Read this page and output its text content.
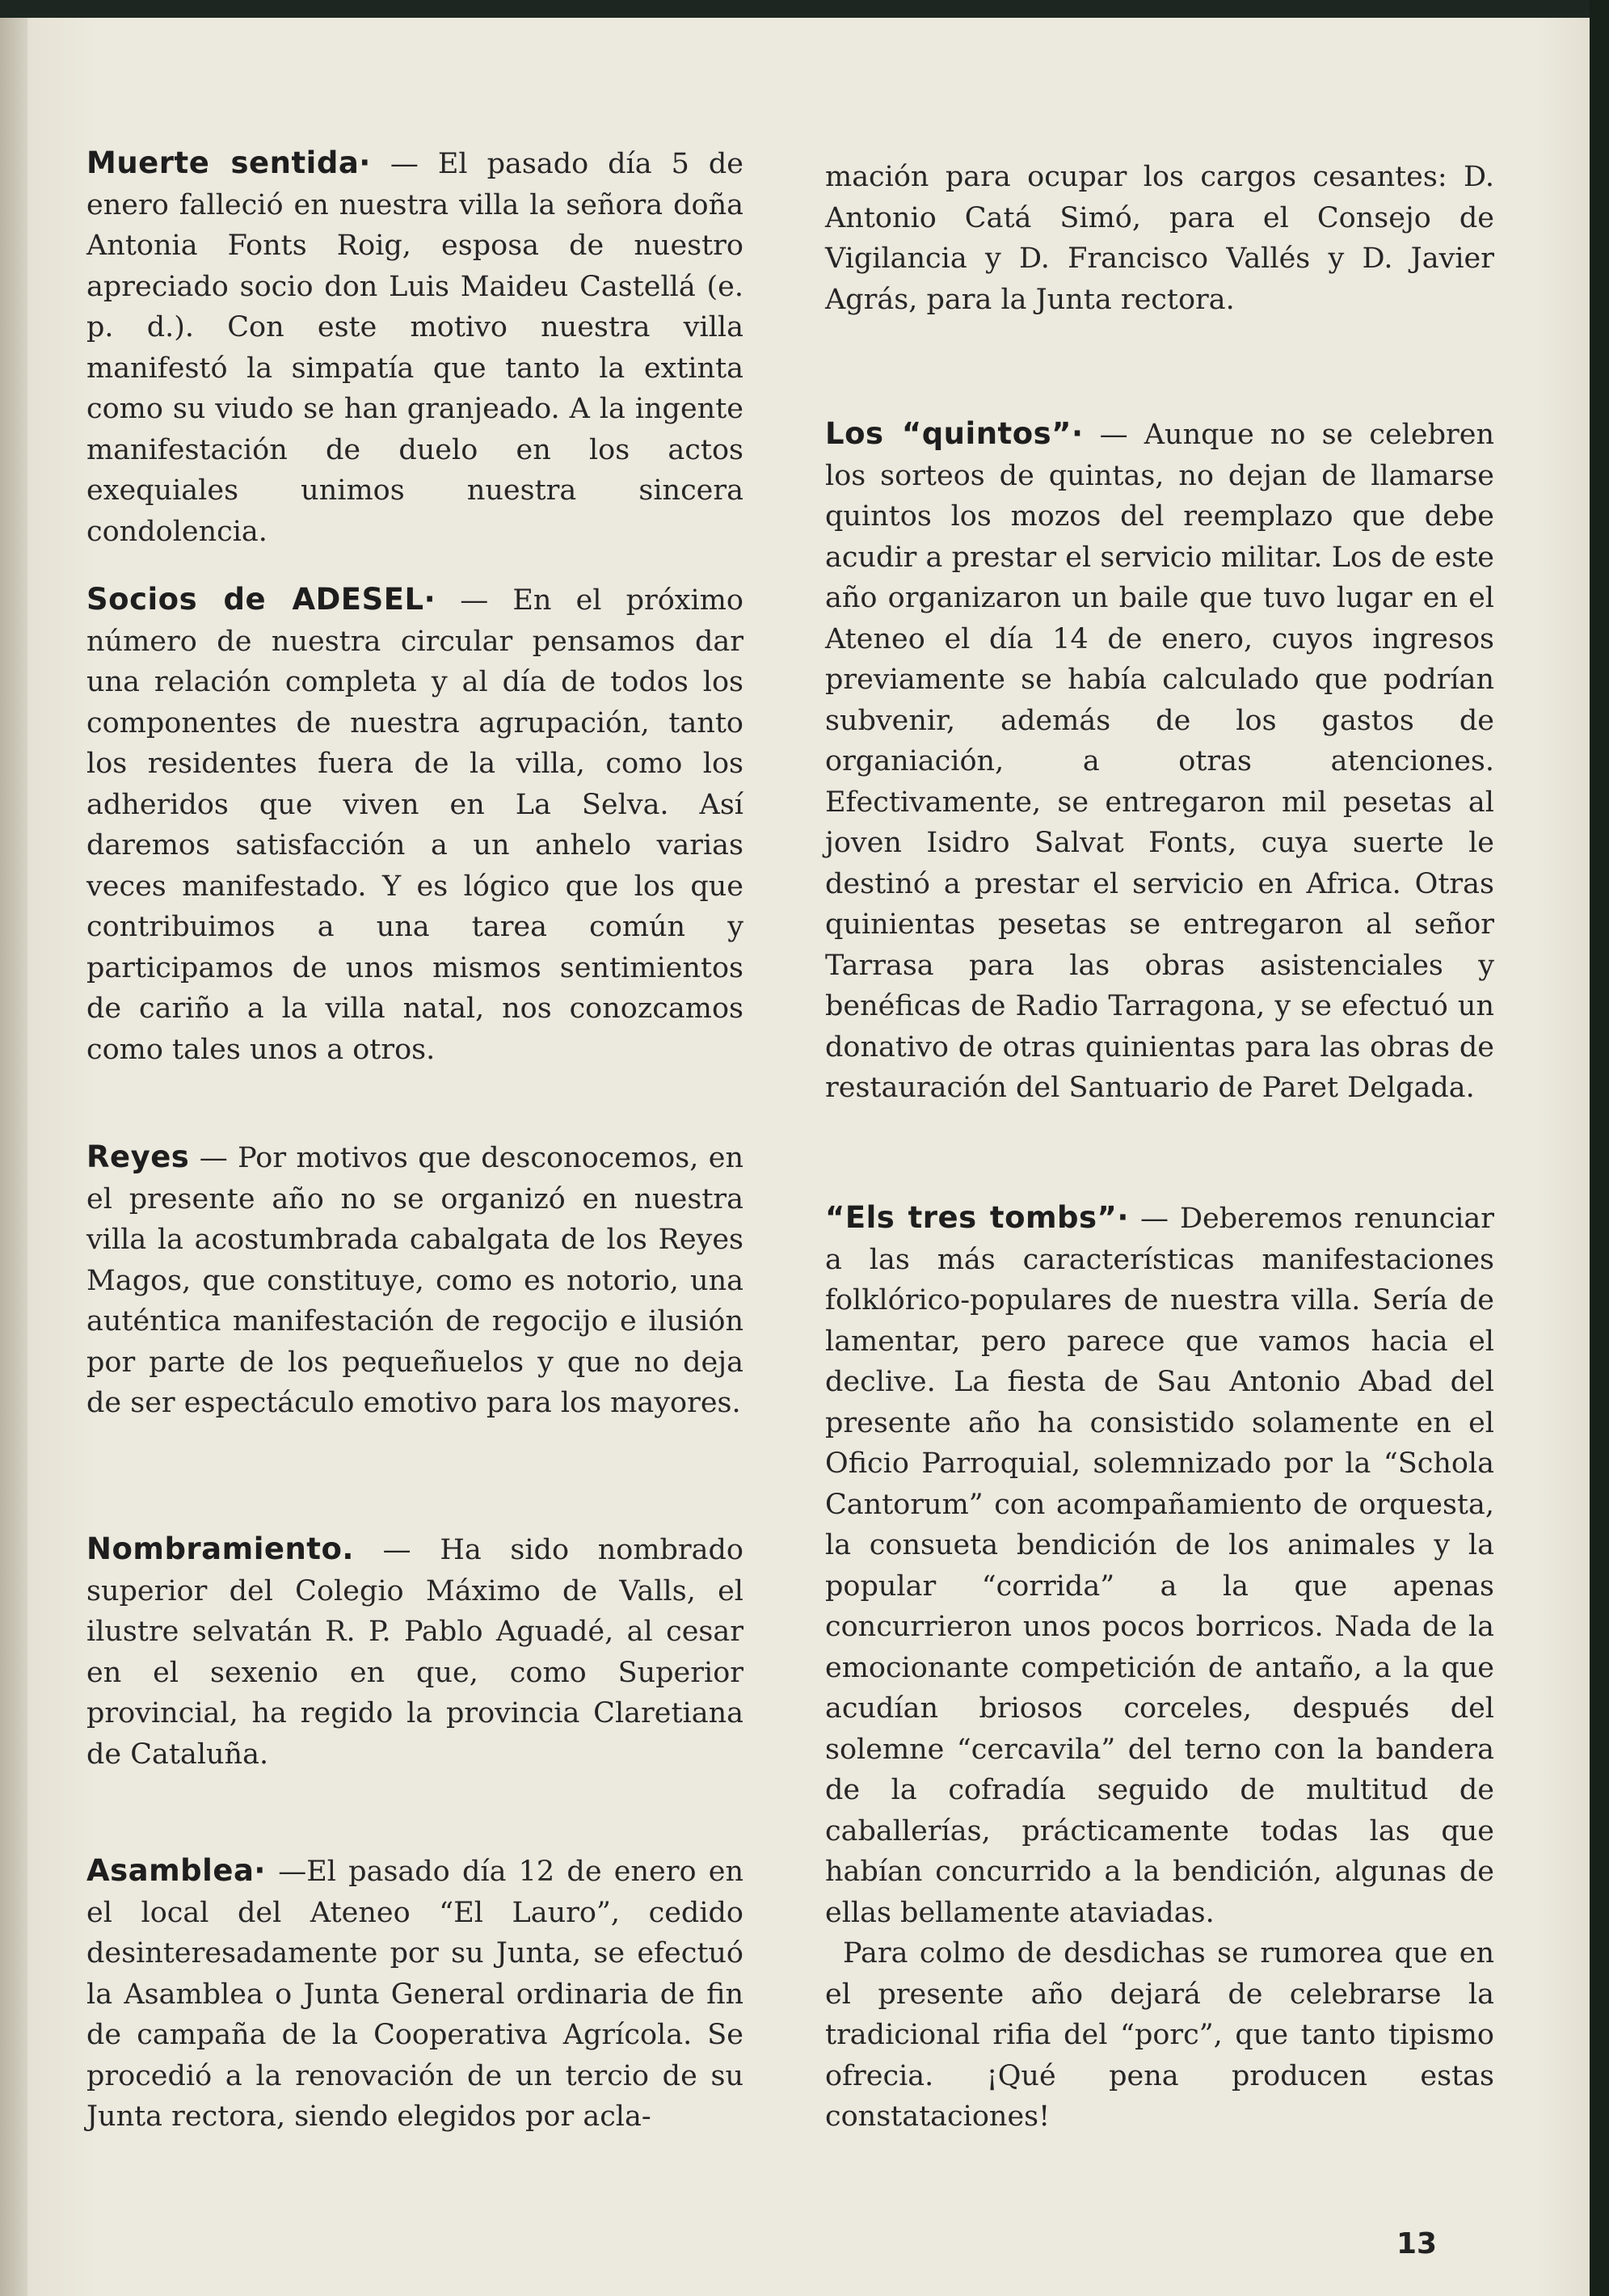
Muerte sentida· — El pasado día 5 de enero falleció en nuestra villa la señora doña Antonia Fonts Roig, esposa de nuestro apreciado socio don Luis Maideu Castellá (e. p. d.). Con este motivo nuestra villa manifestó la simpatía que tanto la extinta como su viudo se han granjeado. A la ingente manifestación de duelo en los actos exequiales unimos nuestra sincera condolencia.

Socios de ADESEL· — En el próximo número de nuestra circular pensamos dar una relación completa y al día de todos los componentes de nuestra agrupación, tanto los residentes fuera de la villa, como los adheridos que viven en La Selva. Así daremos satisfacción a un anhelo varias veces manifestado. Y es lógico que los que contribuimos a una tarea común y participamos de unos mismos sentimientos de cariño a la villa natal, nos conozcamos como tales unos a otros.

Reyes — Por motivos que desconocemos, en el presente año no se organizó en nuestra villa la acostumbrada cabalgata de los Reyes Magos, que constituye, como es notorio, una auténtica manifestación de regocijo e ilusión por parte de los pequeñuelos y que no deja de ser espectáculo emotivo para los mayores.

Nombramiento. — Ha sido nombrado superior del Colegio Máximo de Valls, el ilustre selvatán R. P. Pablo Aguadé, al cesar en el sexenio en que, como Superior provincial, ha regido la provincia Claretiana de Cataluña.

Asamblea· —El pasado día 12 de enero en el local del Ateneo “El Lauro”, cedido desinteresadamente por su Junta, se efectuó la Asamblea o Junta General ordinaria de fin de campaña de la Cooperativa Agrícola. Se procedió a la renovación de un tercio de su Junta rectora, siendo elegidos por acla-

mación para ocupar los cargos cesantes: D. Antonio Catá Simó, para el Consejo de Vigilancia y D. Francisco Vallés y D. Javier Agrás, para la Junta rectora.

Los “quintos”· — Aunque no se celebren los sorteos de quintas, no dejan de llamarse quintos los mozos del reemplazo que debe acudir a prestar el servicio militar. Los de este año organizaron un baile que tuvo lugar en el Ateneo el día 14 de enero, cuyos ingresos previamente se había calculado que podrían subvenir, además de los gastos de organiación, a otras atenciones. Efectivamente, se entregaron mil pesetas al joven Isidro Salvat Fonts, cuya suerte le destinó a prestar el servicio en Africa. Otras quinientas pesetas se entregaron al señor Tarrasa para las obras asistenciales y benéficas de Radio Tarragona, y se efectuó un donativo de otras quinientas para las obras de restauración del Santuario de Paret Delgada.

“Els tres tombs”· — Deberemos renunciar a las más características manifestaciones folklórico-populares de nuestra villa. Sería de lamentar, pero parece que vamos hacia el declive. La fiesta de Sau Antonio Abad del presente año ha consistido solamente en el Oficio Parroquial, solemnizado por la “Schola Cantorum” con acompañamiento de orquesta, la consueta bendición de los animales y la popular “corrida” a la que apenas concurrieron unos pocos borricos. Nada de la emocionante competición de antaño, a la que acudían briosos corceles, después del solemne “cercavila” del terno con la bandera de la cofradía seguido de multitud de caballerías, prácticamente todas las que habían concurrido a la bendición, algunas de ellas bellamente ataviadas.

Para colmo de desdichas se rumorea que en el presente año dejará de celebrarse la tradicional rifia del “porc”, que tanto tipismo ofrecia. ¡Qué pena producen estas constataciones!

13
